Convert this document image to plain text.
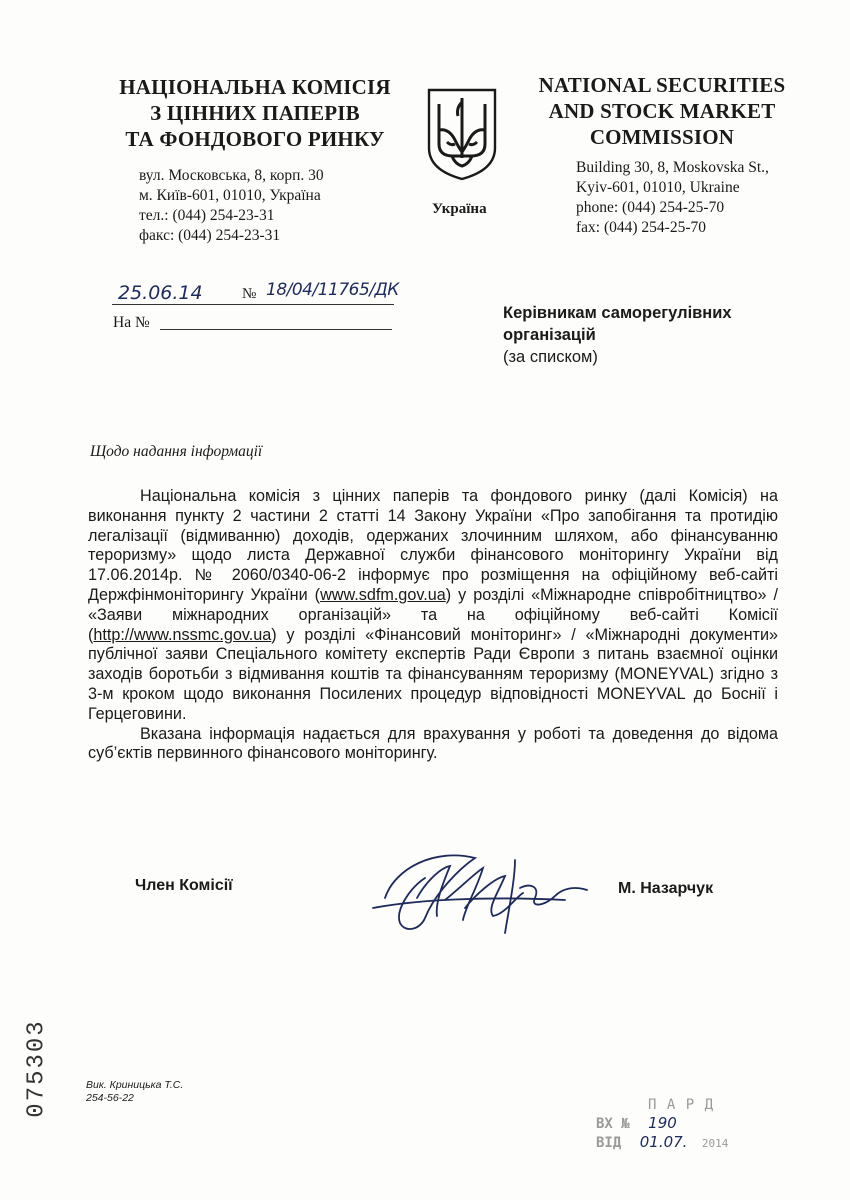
НАЦІОНАЛЬНА КОМІСІЯ
З ЦІННИХ ПАПЕРІВ
ТА ФОНДОВОГО РИНКУ
вул. Московська, 8, корп. 30
м. Київ-601, 01010, Україна
тел.: (044) 254-23-31
факс: (044) 254-23-31
Україна
NATIONAL SECURITIES
AND STOCK MARKET
COMMISSION
Building 30, 8, Moskovska St.,
Kyiv-601, 01010, Ukraine
phone: (044) 254-25-70
fax: (044) 254-25-70
25.06.14	№ 18/04/11765/ДК
На №
Керівникам саморегулівних
організацій
(за списком)
Щодо надання інформації

Національна комісія з цінних паперів та фондового ринку (далі Комісія) на виконання пункту 2 частини 2 статті 14 Закону України «Про запобігання та протидію легалізації (відмиванню) доходів, одержаних злочинним шляхом, або фінансуванню тероризму» щодо листа Державної служби фінансового моніторингу України від 17.06.2014р. № 2060/0340-06-2 інформує про розміщення на офіційному веб-сайті Держфінмоніторингу України (www.sdfm.gov.ua) у розділі «Міжнародне співробітництво» / «Заяви міжнародних організацій» та на офіційному веб-сайті Комісії (http://www.nssmc.gov.ua) у розділі «Фінансовий моніторинг» / «Міжнародні документи» публічної заяви Спеціального комітету експертів Ради Європи з питань взаємної оцінки заходів боротьби з відмивання коштів та фінансуванням тероризму (MONEYVAL) згідно з 3-м кроком щодо виконання Посилених процедур відповідності MONEYVAL до Боснії і Герцеговини.

Вказана інформація надається для врахування у роботі та доведення до відома суб’єктів первинного фінансового моніторингу.

Член Комісії	М. Назарчук
075303	Вик. Криницька Т.С.
254-56-22	П А Р Д
ВХ № 190
ВІД 01.07. 2014
